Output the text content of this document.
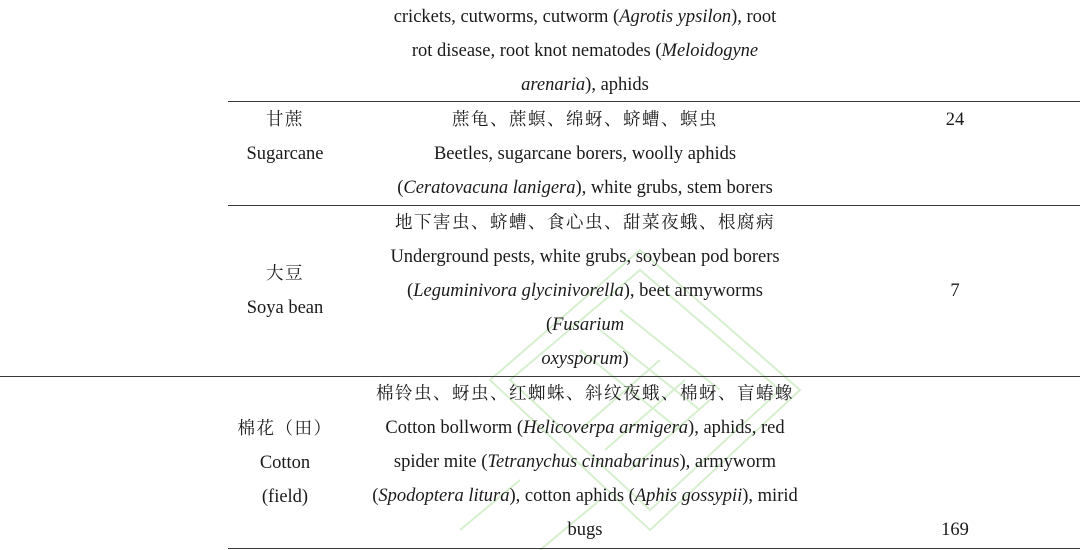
crickets, cutworms, cutworm (Agrotis ypsilon), root
rot disease, root knot nematodes (Meloidogyne
arenaria), aphids
甘蔗
Sugarcane
蔗龟、蔗螟、绵蚜、蛴螬、螟虫
Beetles, sugarcane borers, woolly aphids
(Ceratovacuna lanigera), white grubs, stem borers
24
大豆
Soya bean
地下害虫、蛴螬、食心虫、甜菜夜蛾、根腐病
Underground pests, white grubs, soybean pod borers
(Leguminivora glycinivorella), beet armyworms
(Fusarium
oxysporum)
7
棉花（田）
Cotton
(field)
棉铃虫、蚜虫、红蜘蛛、斜纹夜蛾、棉蚜、盲蝽蟓
Cotton bollworm (Helicoverpa armigera), aphids, red
spider mite (Tetranychus cinnabarinus), armyworm
(Spodoptera litura), cotton aphids (Aphis gossypii), mirid
bugs	169
